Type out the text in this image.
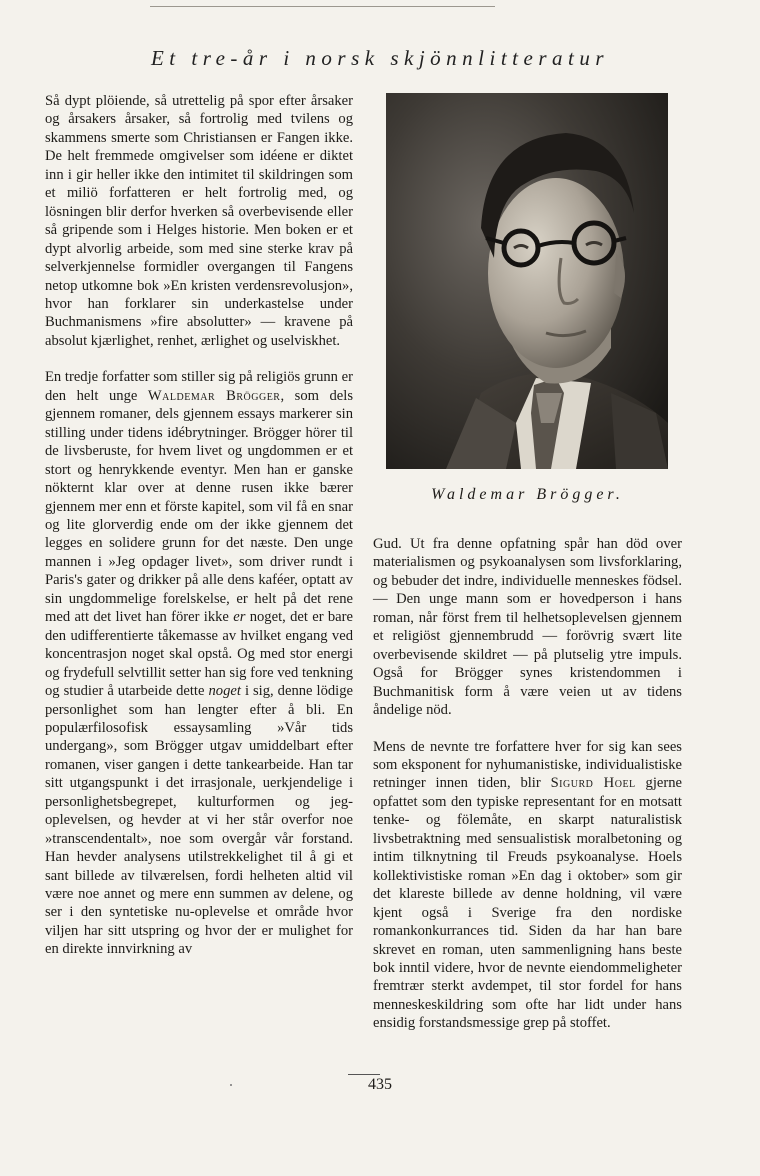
Et tre-år i norsk skjönnlitteratur

Så dypt plöiende, så utrettelig på spor efter årsaker og årsakers årsaker, så fortrolig med tvilens og skammens smerte som Christiansen er Fangen ikke. De helt fremmede omgivelser som idéene er diktet inn i gir heller ikke den intimitet til skildringen som et miliö forfatteren er helt fortrolig med, og lösningen blir derfor hverken så overbevisende eller så gripende som i Helges historie. Men boken er et dypt alvorlig arbeide, som med sine sterke krav på selverkjennelse formidler overgangen til Fangens netop utkomne bok »En kristen verdensrevolusjon», hvor han forklarer sin underkastelse under Buchmanismens »fire absolutter» — kravene på absolut kjærlighet, renhet, ærlighet og uselviskhet.

En tredje forfatter som stiller sig på religiös grunn er den helt unge Waldemar Brögger, som dels gjennem romaner, dels gjennem essays markerer sin stilling under tidens idébrytninger. Brögger hörer til de livsberuste, for hvem livet og ungdommen er et stort og henrykkende eventyr. Men han er ganske nökternt klar over at denne rusen ikke bærer gjennem mer enn et förste kapitel, som vil få en snar og lite glorverdig ende om der ikke gjennem det legges en solidere grunn for det næste. Den unge mannen i »Jeg opdager livet», som driver rundt i Paris's gater og drikker på alle dens kaféer, optatt av sin ungdommelige forelskelse, er helt på det rene med att det livet han förer ikke er noget, det er bare den udifferentierte tåkemasse av hvilket engang ved koncentrasjon noget skal opstå. Og med stor energi og frydefull selvtillit setter han sig fore ved tenkning og studier å utarbeide dette noget i sig, denne lödige personlighet som han lengter efter å bli. En populærfilosofisk essaysamling »Vår tids undergang», som Brögger utgav umiddelbart efter romanen, viser gangen i dette tankearbeide. Han tar sitt utgangspunkt i det irrasjonale, uerkjendelige i personlighetsbegrepet, kulturformen og jeg-oplevelsen, og hevder at vi her står overfor noe »transcendentalt», noe som overgår vår forstand. Han hevder analysens utilstrekkelighet til å gi et sant billede av tilværelsen, fordi helheten altid vil være noe annet og mere enn summen av delene, og ser i den syntetiske nu-oplevelse et område hvor viljen har sitt utspring og hvor der er mulighet for en direkte innvirkning av

Waldemar Brögger.

Gud. Ut fra denne opfatning spår han död over materialismen og psykoanalysen som livsforklaring, og bebuder det indre, individuelle menneskes födsel. — Den unge mann som er hovedperson i hans roman, når först frem til helhetsoplevelsen gjennem et religiöst gjennembrudd — forövrig svært lite overbevisende skildret — på plutselig ytre impuls. Også for Brögger synes kristendommen i Buchmanitisk form å være veien ut av tidens åndelige nöd.

Mens de nevnte tre forfattere hver for sig kan sees som eksponent for nyhumanistiske, individualistiske retninger innen tiden, blir Sigurd Hoel gjerne opfattet som den typiske representant for en motsatt tenke- og fölemåte, en skarpt naturalistisk livsbetraktning med sensualistisk moralbetoning og intim tilknytning til Freuds psykoanalyse. Hoels kollektivistiske roman »En dag i oktober» som gir det klareste billede av denne holdning, vil være kjent også i Sverige fra den nordiske romankonkurrances tid. Siden da har han bare skrevet en roman, uten sammenligning hans beste bok inntil videre, hvor de nevnte eiendommeligheter fremtrær sterkt avdempet, til stor fordel for hans menneskeskildring som ofte har lidt under hans ensidig forstandsmessige grep på stoffet.

435
